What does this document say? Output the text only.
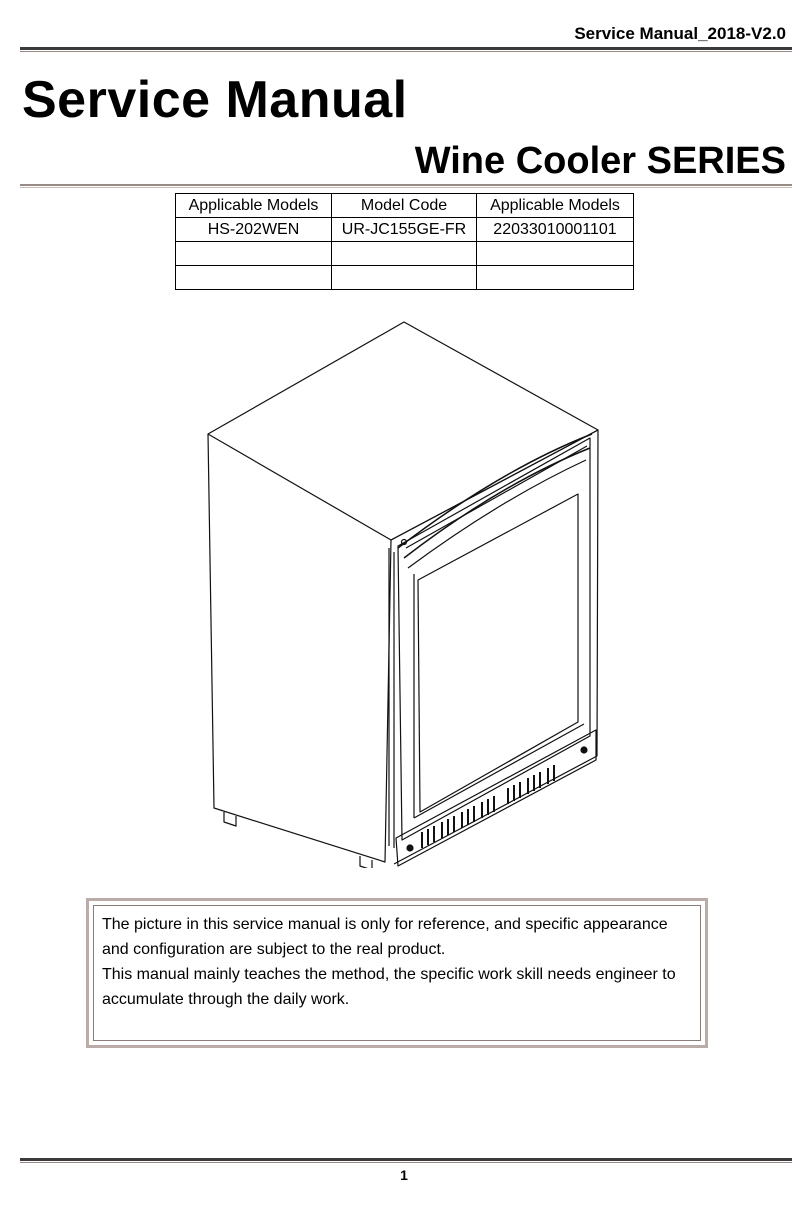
Service Manual_2018-V2.0
Service Manual
Wine Cooler SERIES
Applicable Models	Model Code	Applicable Models
HS-202WEN	UR-JC155GE-FR	22033010001101

The picture in this service manual is only for reference, and specific appearance and configuration are subject to the real product.

This manual mainly teaches the method, the specific work skill needs engineer to accumulate through the daily work.

1
